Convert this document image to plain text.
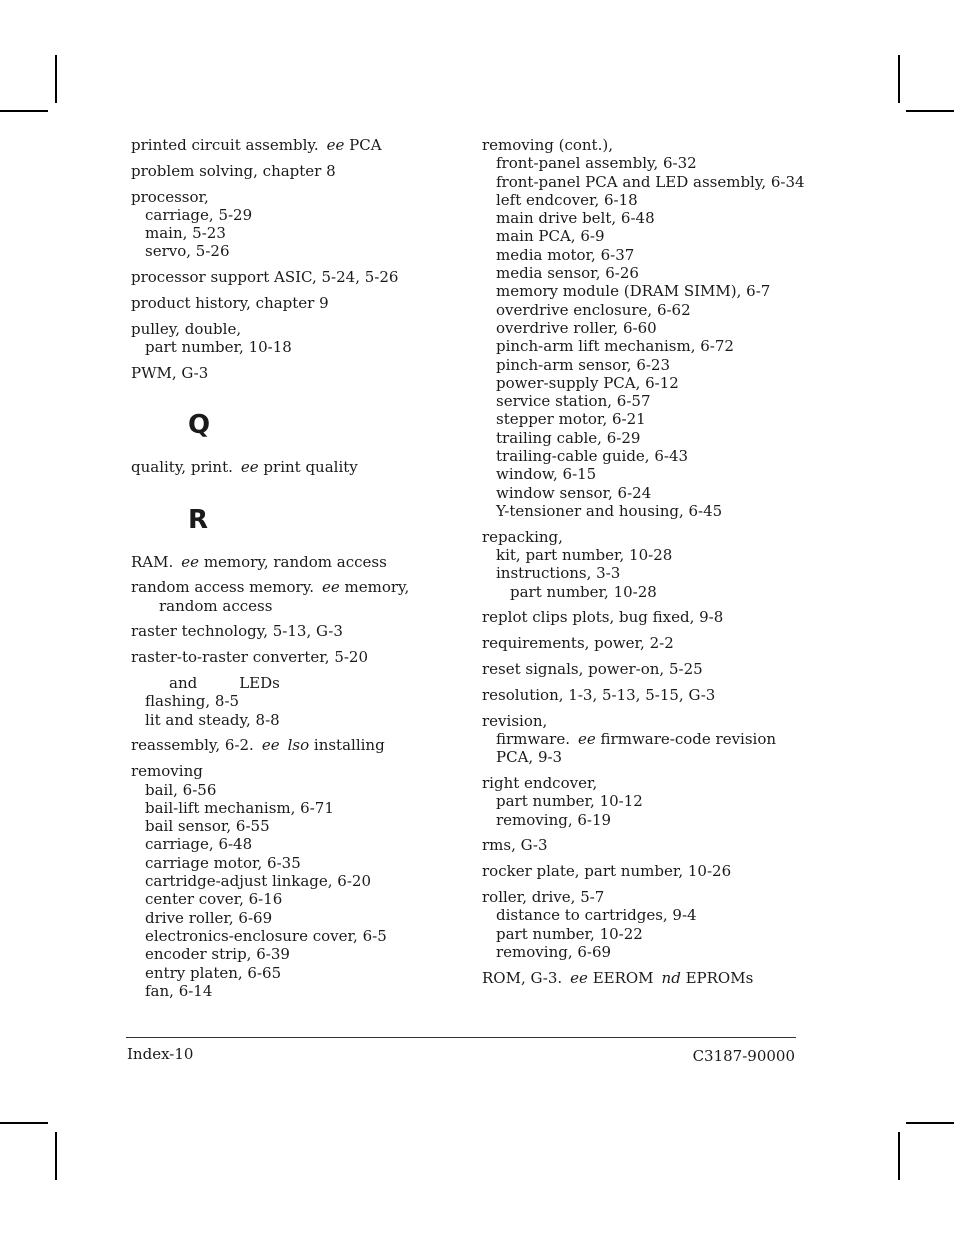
printed circuit assembly. ee PCA
problem solving, chapter 8
processor,
carriage, 5-29
main, 5-23
servo, 5-26
processor support ASIC, 5-24, 5-26
product history, chapter 9
pulley, double,
part number, 10-18
PWM, G-3
Q
quality, print. ee print quality
R
RAM. ee memory, random access
random access memory. ee memory,
random access
raster technology, 5-13, G-3
raster-to-raster converter, 5-20
and	LEDs
flashing, 8-5
lit and steady, 8-8
reassembly, 6-2. ee lso installing
removing
bail, 6-56
bail-lift mechanism, 6-71
bail sensor, 6-55
carriage, 6-48
carriage motor, 6-35
cartridge-adjust linkage, 6-20
center cover, 6-16
drive roller, 6-69
electronics-enclosure cover, 6-5
encoder strip, 6-39
entry platen, 6-65
fan, 6-14
removing (cont.),
front-panel assembly, 6-32
front-panel PCA and LED assembly, 6-34
left endcover, 6-18
main drive belt, 6-48
main PCA, 6-9
media motor, 6-37
media sensor, 6-26
memory module (DRAM SIMM), 6-7
overdrive enclosure, 6-62
overdrive roller, 6-60
pinch-arm lift mechanism, 6-72
pinch-arm sensor, 6-23
power-supply PCA, 6-12
service station, 6-57
stepper motor, 6-21
trailing cable, 6-29
trailing-cable guide, 6-43
window, 6-15
window sensor, 6-24
Y-tensioner and housing, 6-45
repacking,
kit, part number, 10-28
instructions, 3-3
part number, 10-28
replot clips plots, bug fixed, 9-8
requirements, power, 2-2
reset signals, power-on, 5-25
resolution, 1-3, 5-13, 5-15, G-3
revision,
firmware. ee firmware-code revision
PCA, 9-3
right endcover,
part number, 10-12
removing, 6-19
rms, G-3
rocker plate, part number, 10-26
roller, drive, 5-7
distance to cartridges, 9-4
part number, 10-22
removing, 6-69
ROM, G-3. ee EEROM nd EPROMs
Index-10	C3187-90000
